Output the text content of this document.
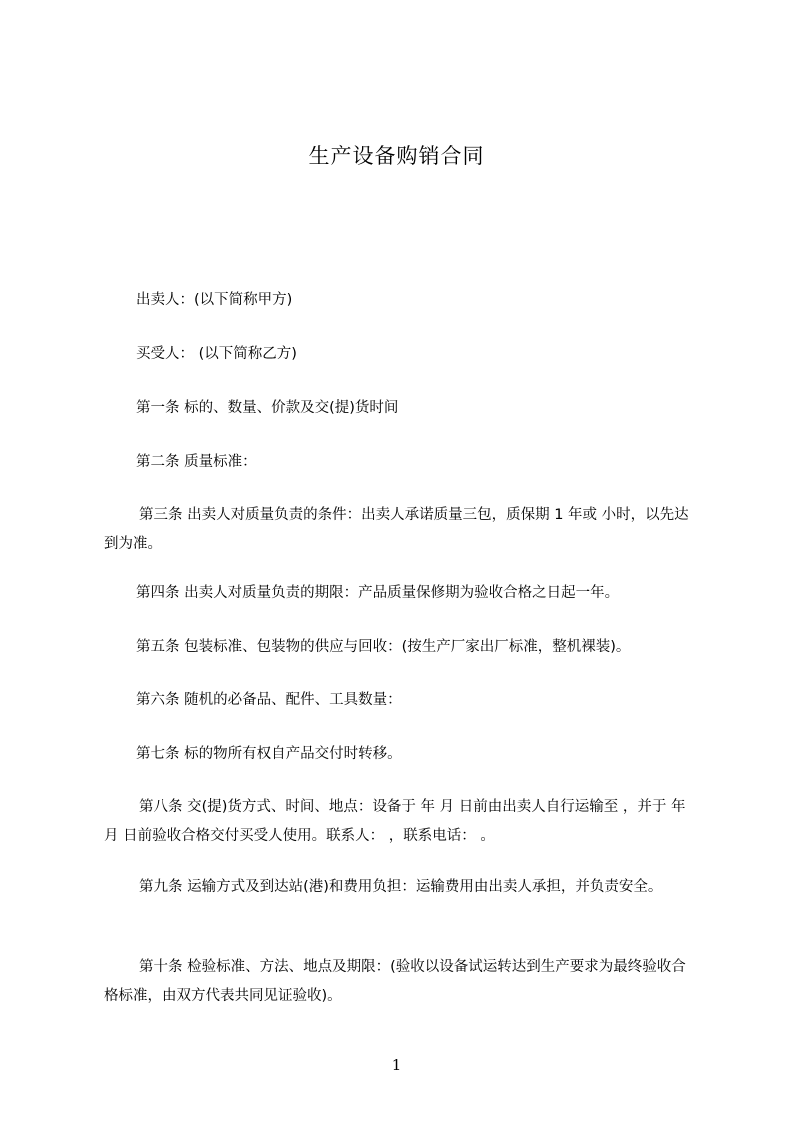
生产设备购销合同
出卖人：(以下简称甲方)
买受人： (以下简称乙方)
第一条 标的、数量、价款及交(提)货时间
第二条 质量标准：
第三条 出卖人对质量负责的条件：出卖人承诺质量三包，质保期 1 年或 小时，以先达到为准。
第四条 出卖人对质量负责的期限：产品质量保修期为验收合格之日起一年。
第五条 包装标准、包装物的供应与回收：(按生产厂家出厂标准，整机裸装)。
第六条 随机的必备品、配件、工具数量：
第七条 标的物所有权自产品交付时转移。
第八条 交(提)货方式、时间、地点：设备于 年 月 日前由出卖人自行运输至 ，并于 年 月 日前验收合格交付买受人使用。联系人： ，联系电话： 。
第九条 运输方式及到达站(港)和费用负担：运输费用由出卖人承担，并负责安全。
第十条 检验标准、方法、地点及期限：(验收以设备试运转达到生产要求为最终验收合格标准，由双方代表共同见证验收)。
1
